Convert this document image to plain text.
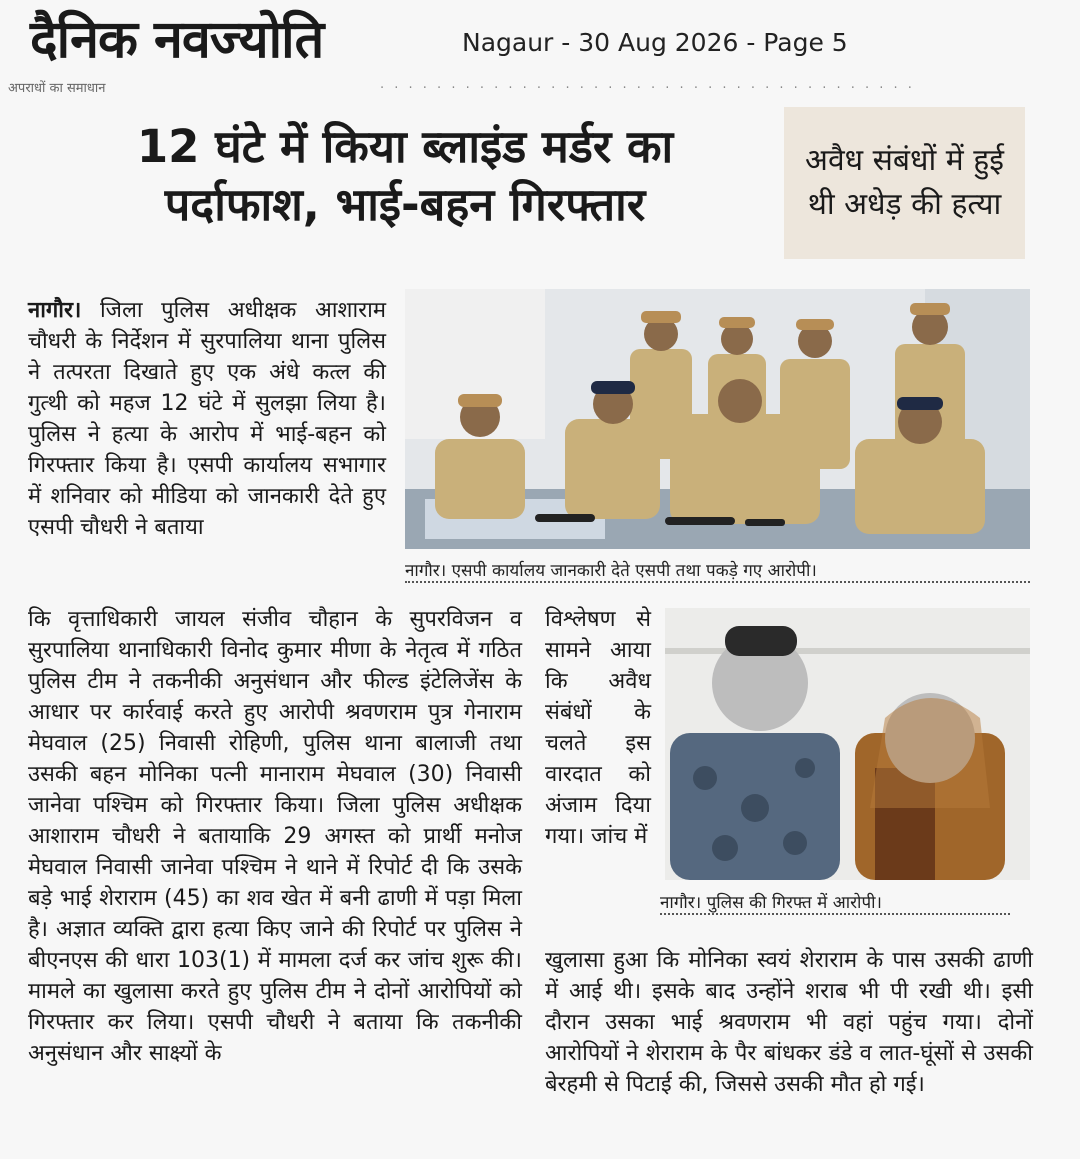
दैनिक नवज्योति	Nagaur - 30 Aug 2026 - Page 5
अपराधों का समाधान	· · · · · · · · · · · · · · · · · · · · · · · · · · · · · · · · · · · · · ·
12 घंटे में किया ब्लाइंड मर्डर का
पर्दाफाश, भाई-बहन गिरफ्तार
अवैध संबंधों में हुई थी अधेड़ की हत्या

नागौर। जिला पुलिस अधीक्षक आशाराम चौधरी के निर्देशन में सुरपालिया थाना पुलिस ने तत्परता दिखाते हुए एक अंधे कत्ल की गुत्थी को महज 12 घंटे में सुलझा लिया है। पुलिस ने हत्या के आरोप में भाई-बहन को गिरफ्तार किया है। एसपी कार्यालय सभागार में शनिवार को मीडिया को जानकारी देते हुए एसपी चौधरी ने बताया

नागौर। एसपी कार्यालय जानकारी देते एसपी तथा पकड़े गए आरोपी।

कि वृत्ताधिकारी जायल संजीव चौहान के सुपरविजन व सुरपालिया थानाधिकारी विनोद कुमार मीणा के नेतृत्व में गठित पुलिस टीम ने तकनीकी अनुसंधान और फील्ड इंटेलिजेंस के आधार पर कार्रवाई करते हुए आरोपी श्रवणराम पुत्र गेनाराम मेघवाल (25) निवासी रोहिणी, पुलिस थाना बालाजी तथा उसकी बहन मोनिका पत्नी मानाराम मेघवाल (30) निवासी जानेवा पश्चिम को गिरफ्तार किया। जिला पुलिस अधीक्षक आशाराम चौधरी ने बतायाकि 29 अगस्त को प्रार्थी मनोज मेघवाल निवासी जानेवा पश्चिम ने थाने में रिपोर्ट दी कि उसके बड़े भाई शेराराम (45) का शव खेत में बनी ढाणी में पड़ा मिला है। अज्ञात व्यक्ति द्वारा हत्या किए जाने की रिपोर्ट पर पुलिस ने बीएनएस की धारा 103(1) में मामला दर्ज कर जांच शुरू की। मामले का खुलासा करते हुए पुलिस टीम ने दोनों आरोपियों को गिरफ्तार कर लिया। एसपी चौधरी ने बताया कि तकनीकी अनुसंधान और साक्ष्यों के

विश्लेषण से सामने आया कि अवैध संबंधों के चलते इस वारदात को अंजाम दिया गया। जांच में

नागौर। पुलिस की गिरफ्त में आरोपी।

खुलासा हुआ कि मोनिका स्वयं शेराराम के पास उसकी ढाणी में आई थी। इसके बाद उन्होंने शराब भी पी रखी थी। इसी दौरान उसका भाई श्रवणराम भी वहां पहुंच गया। दोनों आरोपियों ने शेराराम के पैर बांधकर डंडे व लात-घूंसों से उसकी बेरहमी से पिटाई की, जिससे उसकी मौत हो गई।
